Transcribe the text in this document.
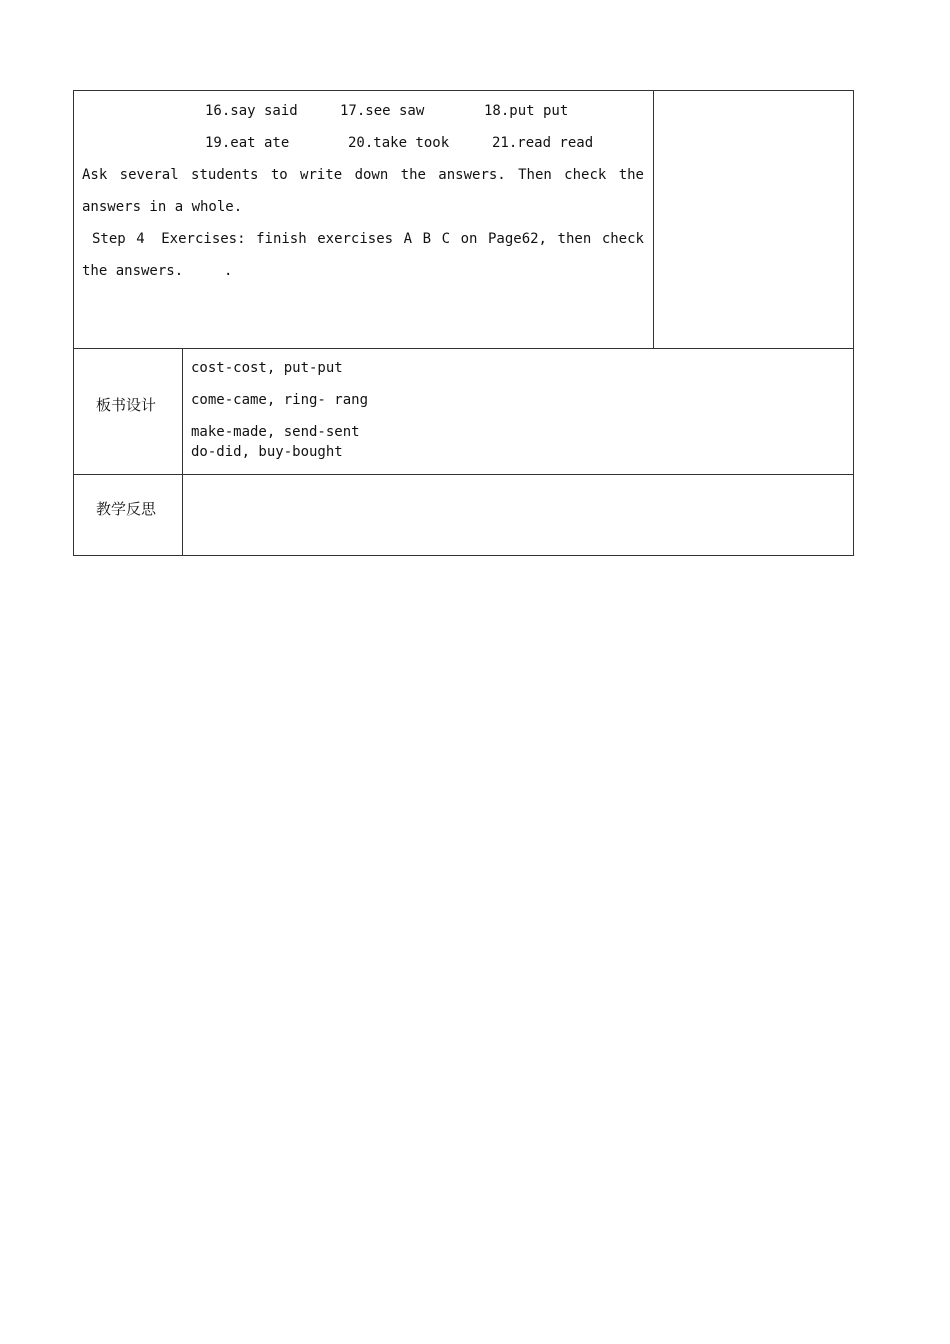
16.say said	17.see saw	18.put put
19.eat ate	20.take took	21.read read
Ask several students to write down the answers. Then check the
answers in a whole.
Step 4 Exercises: finish exercises A B C on Page62, then check
the answers.	.
板书设计
cost-cost, put-put
come-came, ring- rang
make-made, send-sent
do-did, buy-bought
教学反思
